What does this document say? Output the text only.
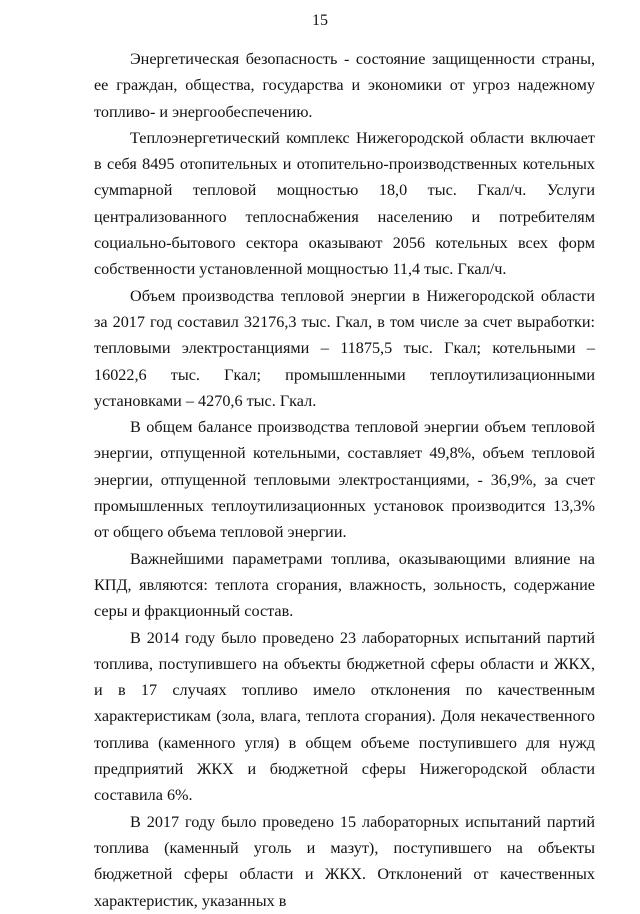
15

Энергетическая безопасность - состояние защищенности страны, ее граждан, общества, государства и экономики от угроз надежному топливо- и энергообеспечению.

Теплоэнергетический комплекс Нижегородской области включает в себя 8495 отопительных и отопительно-производственных котельных сумmарной тепловой мощностью 18,0 тыс. Гкал/ч. Услуги централизованного теплоснабжения населению и потребителям социально-бытового сектора оказывают 2056 котельных всех форм собственности установленной мощностью 11,4 тыс. Гкал/ч.

Объем производства тепловой энергии в Нижегородской области за 2017 год составил 32176,3 тыс. Гкал, в том числе за счет выработки: тепловыми электростанциями – 11875,5 тыс. Гкал; котельными – 16022,6 тыс. Гкал; промышленными теплоутилизационными установками – 4270,6 тыс. Гкал.

В общем балансе производства тепловой энергии объем тепловой энергии, отпущенной котельными, составляет 49,8%, объем тепловой энергии, отпущенной тепловыми электростанциями, - 36,9%, за счет промышленных теплоутилизационных установок производится 13,3% от общего объема тепловой энергии.

Важнейшими параметрами топлива, оказывающими влияние на КПД, являются: теплота сгорания, влажность, зольность, содержание серы и фракционный состав.

В 2014 году было проведено 23 лабораторных испытаний партий топлива, поступившего на объекты бюджетной сферы области и ЖКХ, и в 17 случаях топливо имело отклонения по качественным характеристикам (зола, влага, теплота сгорания). Доля некачественного топлива (каменного угля) в общем объеме поступившего для нужд предприятий ЖКХ и бюджетной сферы Нижегородской области составила 6%.

В 2017 году было проведено 15 лабораторных испытаний партий топлива (каменный уголь и мазут), поступившего на объекты бюджетной сферы области и ЖКХ. Отклонений от качественных характеристик, указанных в
